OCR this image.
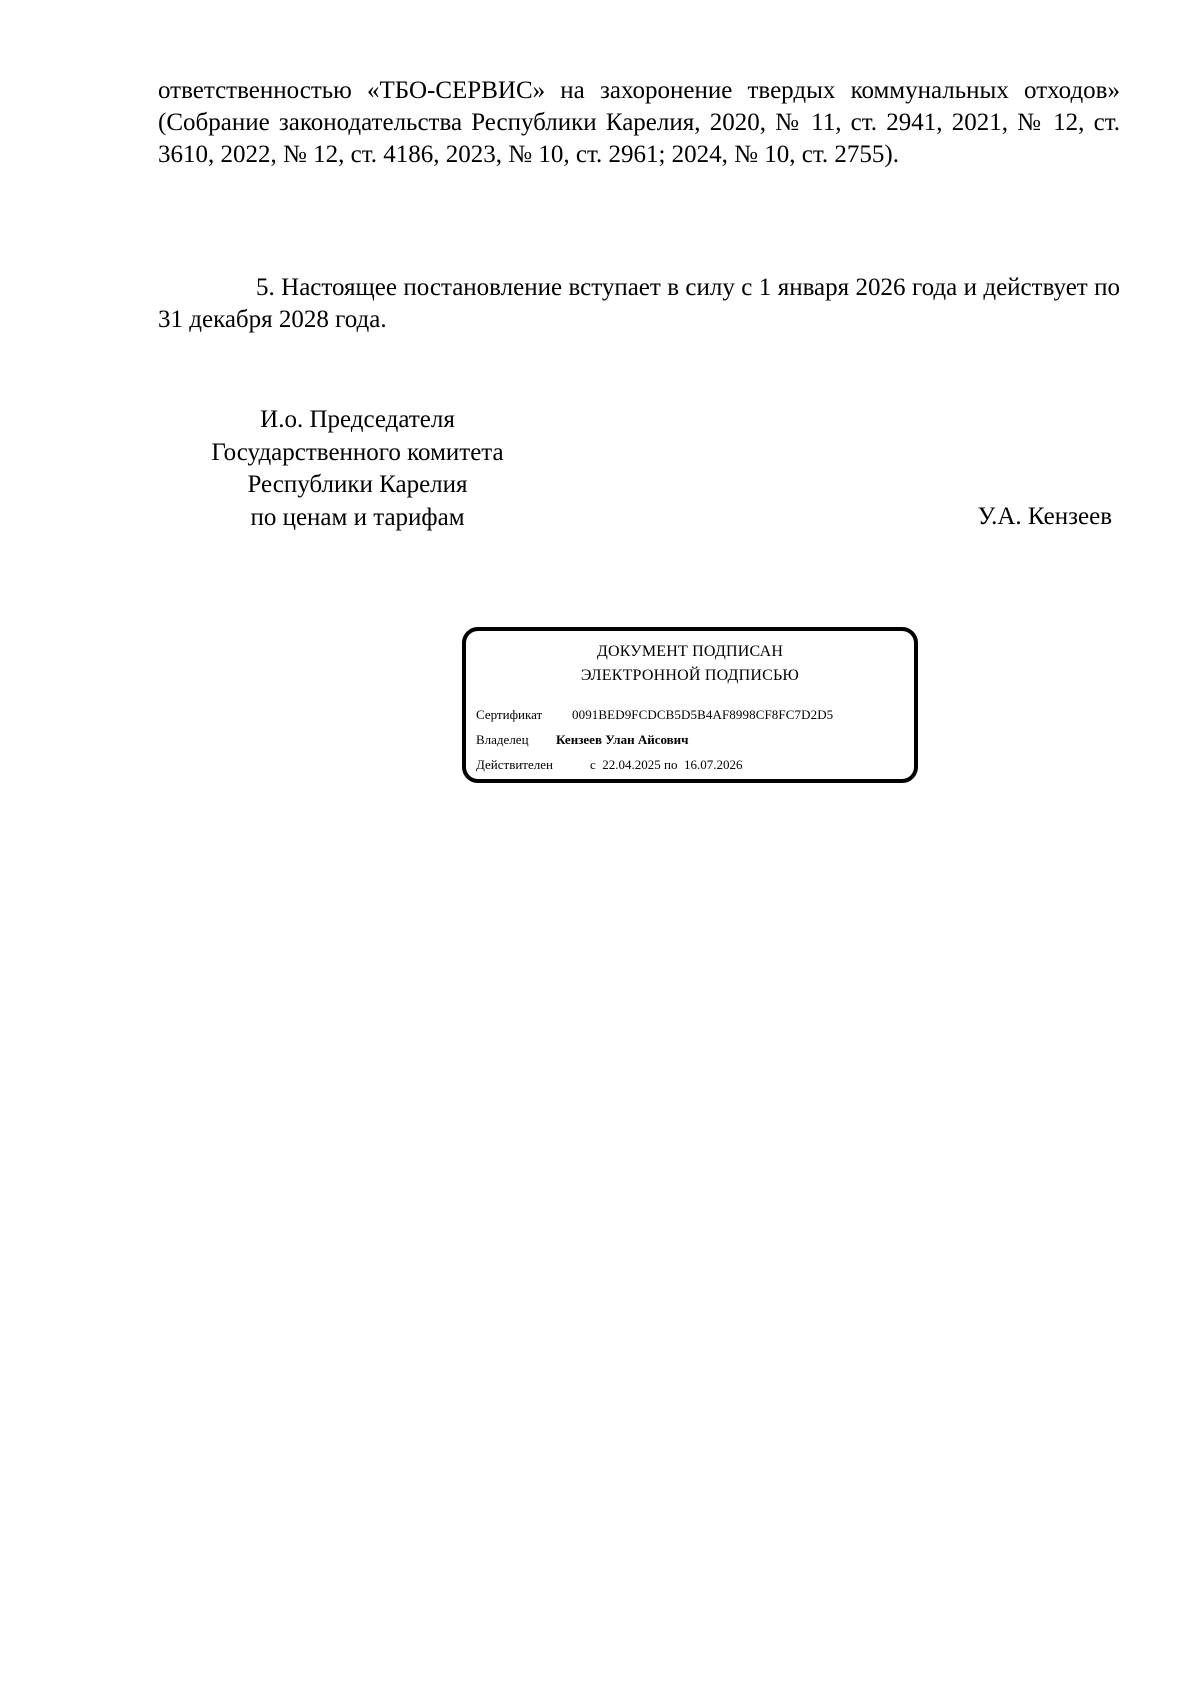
ответственностью «ТБО-СЕРВИС» на захоронение твердых коммунальных отходов» (Собрание законодательства Республики Карелия, 2020, № 11, ст. 2941, 2021, № 12, ст. 3610, 2022, № 12, ст. 4186, 2023, № 10, ст. 2961; 2024, № 10, ст. 2755).
5. Настоящее постановление вступает в силу с 1 января 2026 года и действует по 31 декабря 2028 года.
И.о. Председателя
Государственного комитета
Республики Карелия
по ценам и тарифам	У.А. Кензеев
ДОКУМЕНТ ПОДПИСАН
ЭЛЕКТРОННОЙ ПОДПИСЬЮ
Сертификат 0091BED9FCDCB5D5B4AF8998CF8FC7D2D5
Владелец Кензеев Улан Айсович
Действителен	с  22.04.2025 по  16.07.2026
